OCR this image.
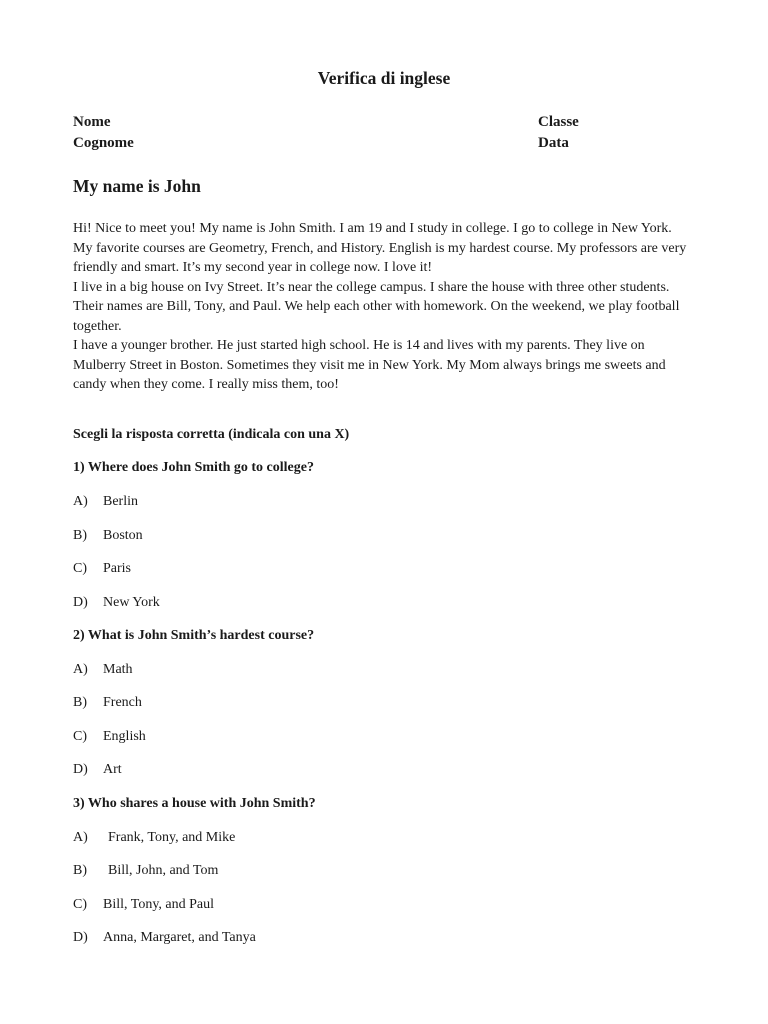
Verifica di inglese
Nome
Cognome
Classe
Data
My name is John

Hi! Nice to meet you! My name is John Smith. I am 19 and I study in college. I go to college in New York. My favorite courses are Geometry, French, and History. English is my hardest course. My professors are very friendly and smart. It’s my second year in college now. I love it!

I live in a big house on Ivy Street. It’s near the college campus. I share the house with three other students. Their names are Bill, Tony, and Paul. We help each other with homework. On the weekend, we play football together.

I have a younger brother. He just started high school. He is 14 and lives with my parents. They live on Mulberry Street in Boston. Sometimes they visit me in New York. My Mom always brings me sweets and candy when they come. I really miss them, too!

Scegli la risposta corretta (indicala con una X)
1) Where does John Smith go to college?
A) Berlin
B) Boston
C) Paris
D) New York
2) What is John Smith’s hardest course?
A) Math
B) French
C) English
D) Art
3) Who shares a house with John Smith?
A) Frank, Tony, and Mike
B) Bill, John, and Tom
C) Bill, Tony, and Paul
D) Anna, Margaret, and Tanya
